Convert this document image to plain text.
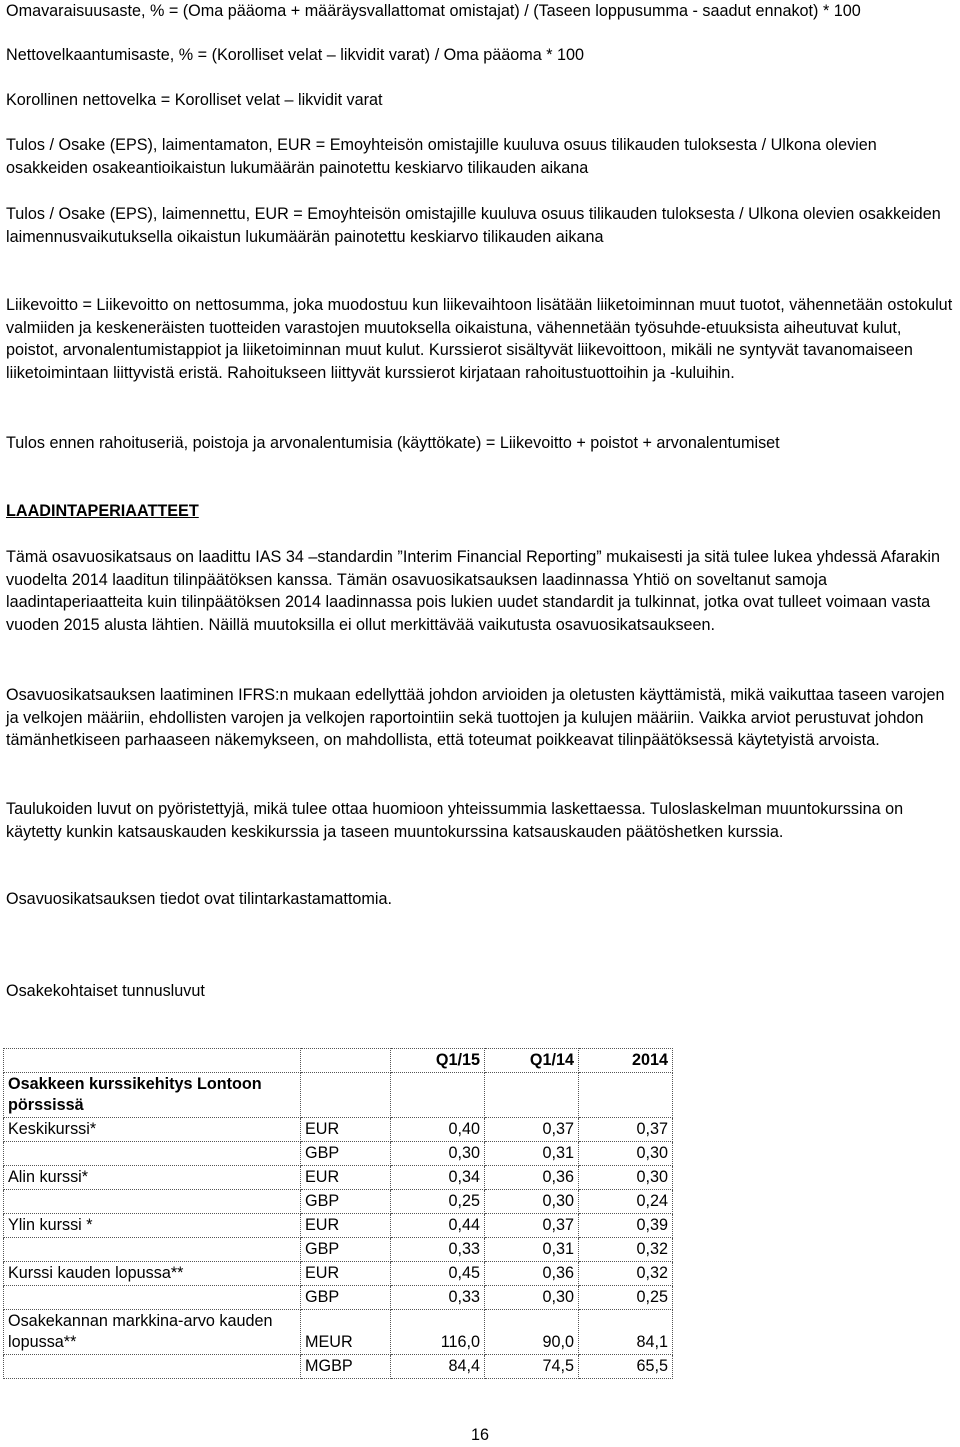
Omavaraisuusaste, % = (Oma pääoma + määräysvallattomat omistajat) / (Taseen loppusumma - saadut ennakot) * 100

Nettovelkaantumisaste, % = (Korolliset velat – likvidit varat) / Oma pääoma * 100

Korollinen nettovelka = Korolliset velat – likvidit varat

Tulos / Osake (EPS), laimentamaton, EUR = Emoyhteisön omistajille kuuluva osuus tilikauden tuloksesta / Ulkona olevien osakkeiden osakeantioikaistun lukumäärän painotettu keskiarvo tilikauden aikana

Tulos / Osake (EPS), laimennettu, EUR = Emoyhteisön omistajille kuuluva osuus tilikauden tuloksesta / Ulkona olevien osakkeiden laimennusvaikutuksella oikaistun lukumäärän painotettu keskiarvo tilikauden aikana

Liikevoitto = Liikevoitto on nettosumma, joka muodostuu kun liikevaihtoon lisätään liiketoiminnan muut tuotot, vähennetään ostokulut valmiiden ja keskeneräisten tuotteiden varastojen muutoksella oikaistuna, vähennetään työsuhde-etuuksista aiheutuvat kulut, poistot, arvonalentumistappiot ja liiketoiminnan muut kulut. Kurssierot sisältyvät liikevoittoon, mikäli ne syntyvät tavanomaiseen liiketoimintaan liittyvistä eristä. Rahoitukseen liittyvät kurssierot kirjataan rahoitustuottoihin ja -kuluihin.

Tulos ennen rahoituseriä, poistoja ja arvonalentumisia (käyttökate) = Liikevoitto + poistot + arvonalentumiset

LAADINTAPERIAATTEET

Tämä osavuosikatsaus on laadittu IAS 34 –standardin ”Interim Financial Reporting” mukaisesti ja sitä tulee lukea yhdessä Afarakin vuodelta 2014 laaditun tilinpäätöksen kanssa. Tämän osavuosikatsauksen laadinnassa Yhtiö on soveltanut samoja laadintaperiaatteita kuin tilinpäätöksen 2014 laadinnassa pois lukien uudet standardit ja tulkinnat, jotka ovat tulleet voimaan vasta vuoden 2015 alusta lähtien. Näillä muutoksilla ei ollut merkittävää vaikutusta osavuosikatsaukseen.

Osavuosikatsauksen laatiminen IFRS:n mukaan edellyttää johdon arvioiden ja oletusten käyttämistä, mikä vaikuttaa taseen varojen ja velkojen määriin, ehdollisten varojen ja velkojen raportointiin sekä tuottojen ja kulujen määriin. Vaikka arviot perustuvat johdon tämänhetkiseen parhaaseen näkemykseen, on mahdollista, että toteumat poikkeavat tilinpäätöksessä käytetyistä arvoista.

Taulukoiden luvut on pyöristettyjä, mikä tulee ottaa huomioon yhteissummia laskettaessa. Tuloslaskelman muuntokurssina on käytetty kunkin katsauskauden keskikurssia ja taseen muuntokurssina katsauskauden päätöshetken kurssia.

Osavuosikatsauksen tiedot ovat tilintarkastamattomia.

Osakekohtaiset tunnusluvut

		Q1/15	Q1/14	2014
Osakkeen kurssikehitys Lontoon pörssissä				
Keskikurssi*	EUR	0,40	0,37	0,37
	GBP	0,30	0,31	0,30
Alin kurssi*	EUR	0,34	0,36	0,30
	GBP	0,25	0,30	0,24
Ylin kurssi *	EUR	0,44	0,37	0,39
	GBP	0,33	0,31	0,32
Kurssi kauden lopussa**	EUR	0,45	0,36	0,32
	GBP	0,33	0,30	0,25
Osakekannan markkina-arvo kauden lopussa**	MEUR	116,0	90,0	84,1
	MGBP	84,4	74,5	65,5
16
